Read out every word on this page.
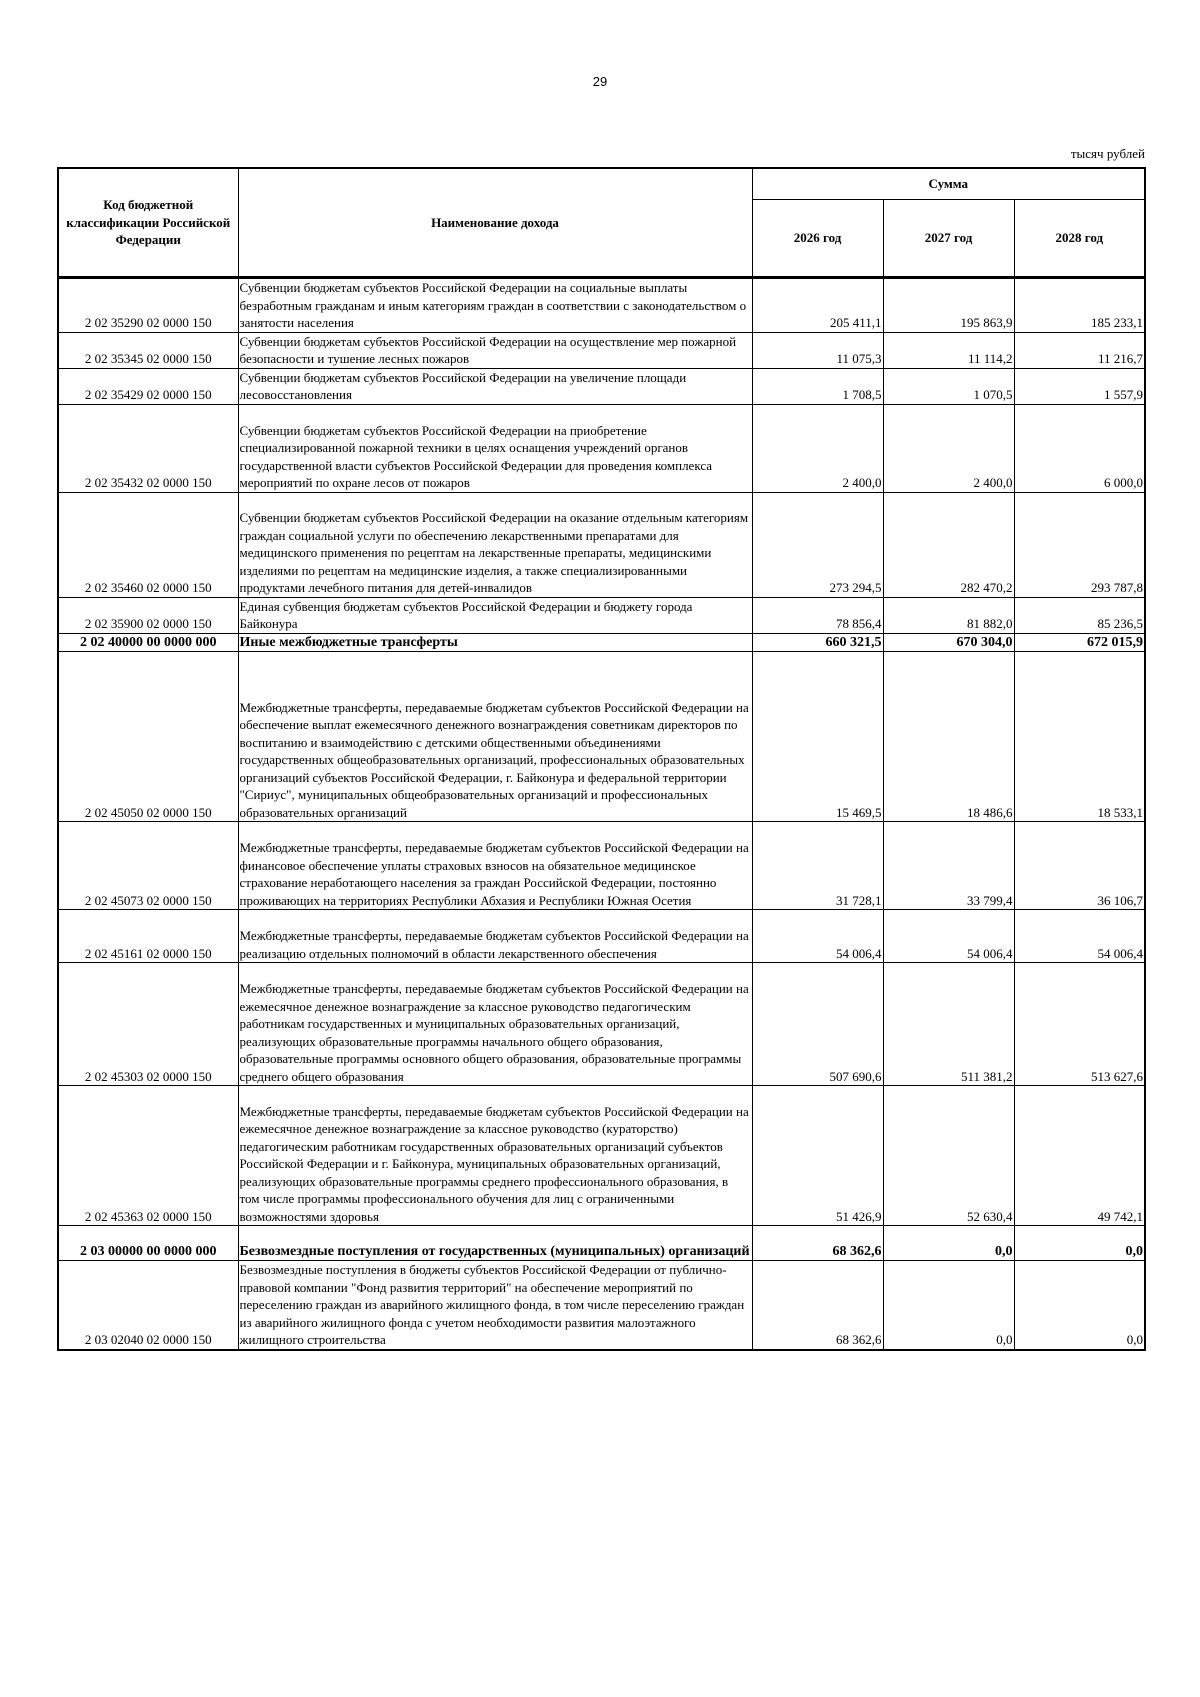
29
тысяч рублей
Код бюджетной классификации Российской Федерации	Наименование дохода	Сумма		
		2026 год	2027 год	2028 год
2 02 35290 02 0000 150	Субвенции бюджетам субъектов Российской Федерации на социальные выплаты безработным гражданам и иным категориям граждан в соответствии с законодательством о занятости населения	205 411,1	195 863,9	185 233,1
2 02 35345 02 0000 150	Субвенции бюджетам субъектов Российской Федерации на осуществление мер пожарной безопасности и тушение лесных пожаров	11 075,3	11 114,2	11 216,7
2 02 35429 02 0000 150	Субвенции бюджетам субъектов Российской Федерации на увеличение площади лесовосстановления	1 708,5	1 070,5	1 557,9
2 02 35432 02 0000 150	Субвенции бюджетам субъектов Российской Федерации на приобретение специализированной пожарной техники в целях оснащения учреждений органов государственной власти субъектов Российской Федерации для проведения комплекса мероприятий по охране лесов от пожаров	2 400,0	2 400,0	6 000,0
2 02 35460 02 0000 150	Субвенции бюджетам субъектов Российской Федерации на оказание отдельным категориям граждан социальной услуги по обеспечению лекарственными препаратами для медицинского применения по рецептам на лекарственные препараты, медицинскими изделиями по рецептам на медицинские изделия, а также специализированными продуктами лечебного питания для детей-инвалидов	273 294,5	282 470,2	293 787,8
2 02 35900 02 0000 150	Единая субвенция бюджетам субъектов Российской Федерации и бюджету города Байконура	78 856,4	81 882,0	85 236,5
2 02 40000 00 0000 000	Иные межбюджетные трансферты	660 321,5	670 304,0	672 015,9
2 02 45050 02 0000 150	Межбюджетные трансферты, передаваемые бюджетам субъектов Российской Федерации на обеспечение выплат ежемесячного денежного вознаграждения советникам директоров по воспитанию и взаимодействию с детскими общественными объединениями государственных общеобразовательных организаций, профессиональных образовательных организаций субъектов Российской Федерации, г. Байконура и федеральной территории "Сириус", муниципальных общеобразовательных организаций и профессиональных образовательных организаций	15 469,5	18 486,6	18 533,1
2 02 45073 02 0000 150	Межбюджетные трансферты, передаваемые бюджетам субъектов Российской Федерации на финансовое обеспечение уплаты страховых взносов на обязательное медицинское страхование неработающего населения за граждан Российской Федерации, постоянно проживающих на территориях Республики Абхазия и Республики Южная Осетия	31 728,1	33 799,4	36 106,7
2 02 45161 02 0000 150	Межбюджетные трансферты, передаваемые бюджетам субъектов Российской Федерации на реализацию отдельных полномочий в области лекарственного обеспечения	54 006,4	54 006,4	54 006,4
2 02 45303 02 0000 150	Межбюджетные трансферты, передаваемые бюджетам субъектов Российской Федерации на ежемесячное денежное вознаграждение за классное руководство педагогическим работникам государственных и муниципальных образовательных организаций, реализующих образовательные программы начального общего образования, образовательные программы основного общего образования, образовательные программы среднего общего образования	507 690,6	511 381,2	513 627,6
2 02 45363 02 0000 150	Межбюджетные трансферты, передаваемые бюджетам субъектов Российской Федерации на ежемесячное денежное вознаграждение за классное руководство (кураторство) педагогическим работникам государственных образовательных организаций субъектов Российской Федерации и г. Байконура, муниципальных образовательных организаций, реализующих образовательные программы среднего профессионального образования, в том числе программы профессионального обучения для лиц с ограниченными возможностями здоровья	51 426,9	52 630,4	49 742,1
2 03 00000 00 0000 000	Безвозмездные поступления от государственных (муниципальных) организаций	68 362,6	0,0	0,0
2 03 02040 02 0000 150	Безвозмездные поступления в бюджеты субъектов Российской Федерации от публично-правовой компании "Фонд развития территорий" на обеспечение мероприятий по переселению граждан из аварийного жилищного фонда, в том числе переселению граждан из аварийного жилищного фонда с учетом необходимости развития малоэтажного жилищного строительства	68 362,6	0,0	0,0
